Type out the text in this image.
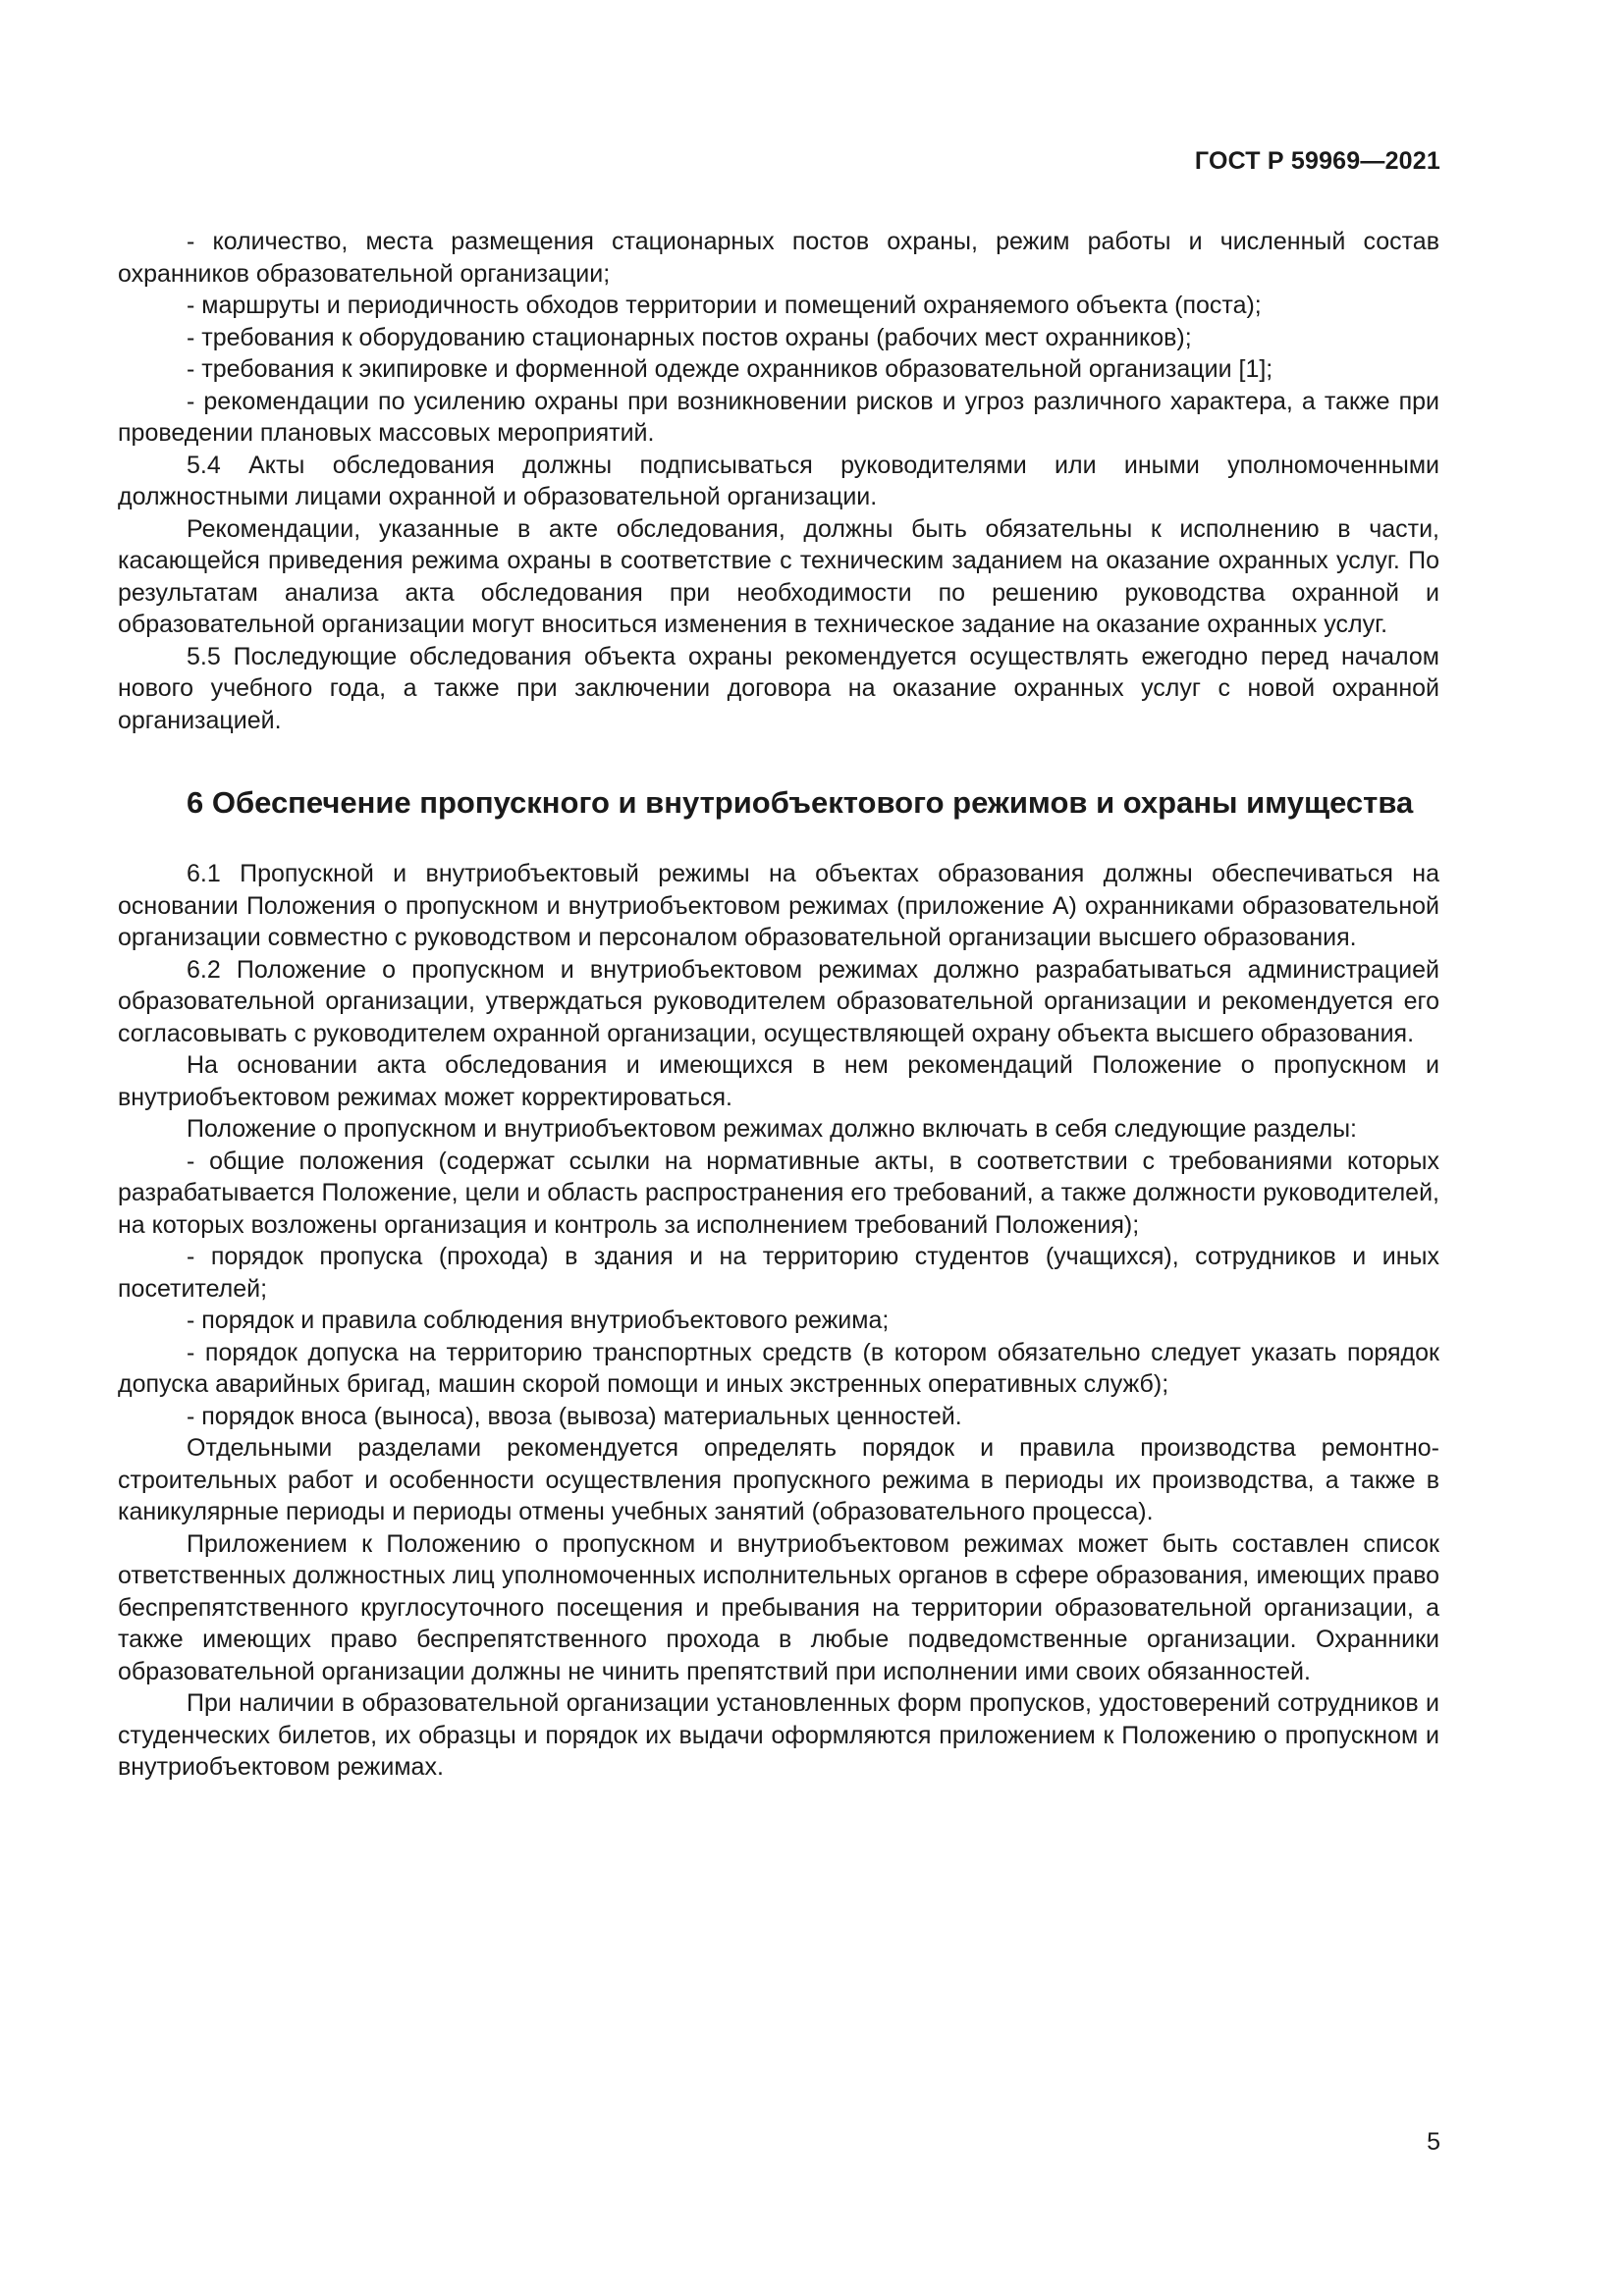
ГОСТ Р 59969—2021

- количество, места размещения стационарных постов охраны, режим работы и численный состав охранников образовательной организации;

- маршруты и периодичность обходов территории и помещений охраняемого объекта (поста);

- требования к оборудованию стационарных постов охраны (рабочих мест охранников);

- требования к экипировке и форменной одежде охранников образовательной организации [1];

- рекомендации по усилению охраны при возникновении рисков и угроз различного характера, а также при проведении плановых массовых мероприятий.

5.4 Акты обследования должны подписываться руководителями или иными уполномоченными должностными лицами охранной и образовательной организации.

Рекомендации, указанные в акте обследования, должны быть обязательны к исполнению в части, касающейся приведения режима охраны в соответствие с техническим заданием на оказание охранных услуг. По результатам анализа акта обследования при необходимости по решению руководства охранной и образовательной организации могут вноситься изменения в техническое задание на оказание охранных услуг.

5.5 Последующие обследования объекта охраны рекомендуется осуществлять ежегодно перед началом нового учебного года, а также при заключении договора на оказание охранных услуг с новой охранной организацией.

6 Обеспечение пропускного и внутриобъектового режимов и охраны имущества

6.1 Пропускной и внутриобъектовый режимы на объектах образования должны обеспечиваться на основании Положения о пропускном и внутриобъектовом режимах (приложение А) охранниками образовательной организации совместно с руководством и персоналом образовательной организации высшего образования.

6.2 Положение о пропускном и внутриобъектовом режимах должно разрабатываться администрацией образовательной организации, утверждаться руководителем образовательной организации и рекомендуется его согласовывать с руководителем охранной организации, осуществляющей охрану объекта высшего образования.

На основании акта обследования и имеющихся в нем рекомендаций Положение о пропускном и внутриобъектовом режимах может корректироваться.

Положение о пропускном и внутриобъектовом режимах должно включать в себя следующие разделы:

- общие положения (содержат ссылки на нормативные акты, в соответствии с требованиями которых разрабатывается Положение, цели и область распространения его требований, а также должности руководителей, на которых возложены организация и контроль за исполнением требований Положения);

- порядок пропуска (прохода) в здания и на территорию студентов (учащихся), сотрудников и иных посетителей;

- порядок и правила соблюдения внутриобъектового режима;

- порядок допуска на территорию транспортных средств (в котором обязательно следует указать порядок допуска аварийных бригад, машин скорой помощи и иных экстренных оперативных служб);

- порядок вноса (выноса), ввоза (вывоза) материальных ценностей.

Отдельными разделами рекомендуется определять порядок и правила производства ремонтно-строительных работ и особенности осуществления пропускного режима в периоды их производства, а также в каникулярные периоды и периоды отмены учебных занятий (образовательного процесса).

Приложением к Положению о пропускном и внутриобъектовом режимах может быть составлен список ответственных должностных лиц уполномоченных исполнительных органов в сфере образования, имеющих право беспрепятственного круглосуточного посещения и пребывания на территории образовательной организации, а также имеющих право беспрепятственного прохода в любые подведомственные организации. Охранники образовательной организации должны не чинить препятствий при исполнении ими своих обязанностей.

При наличии в образовательной организации установленных форм пропусков, удостоверений сотрудников и студенческих билетов, их образцы и порядок их выдачи оформляются приложением к Положению о пропускном и внутриобъектовом режимах.

5
